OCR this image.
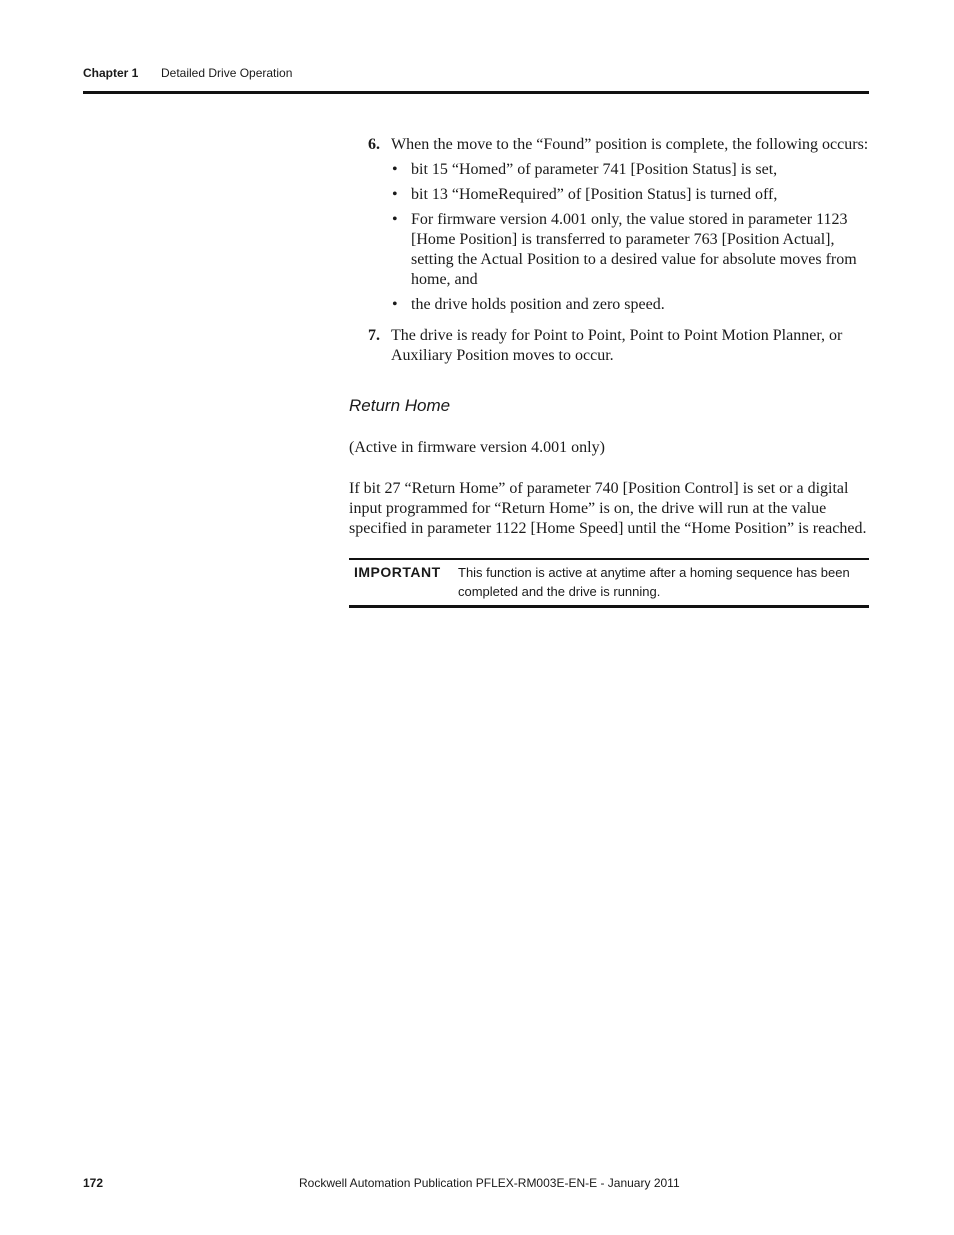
Chapter 1 Detailed Drive Operation
6. When the move to the “Found” position is complete, the following occurs:
• bit 15 “Homed” of parameter 741 [Position Status] is set,
• bit 13 “HomeRequired” of [Position Status] is turned off,
• For firmware version 4.001 only, the value stored in parameter 1123 [Home Position] is transferred to parameter 763 [Position Actual], setting the Actual Position to a desired value for absolute moves from home, and
• the drive holds position and zero speed.
7. The drive is ready for Point to Point, Point to Point Motion Planner, or Auxiliary Position moves to occur.
Return Home

(Active in firmware version 4.001 only)

If bit 27 “Return Home” of parameter 740 [Position Control] is set or a digital input programmed for “Return Home” is on, the drive will run at the value specified in parameter 1122 [Home Speed] until the “Home Position” is reached.

IMPORTANT This function is active at anytime after a homing sequence has been completed and the drive is running.
172	Rockwell Automation Publication PFLEX-RM003E-EN-E - January 2011
